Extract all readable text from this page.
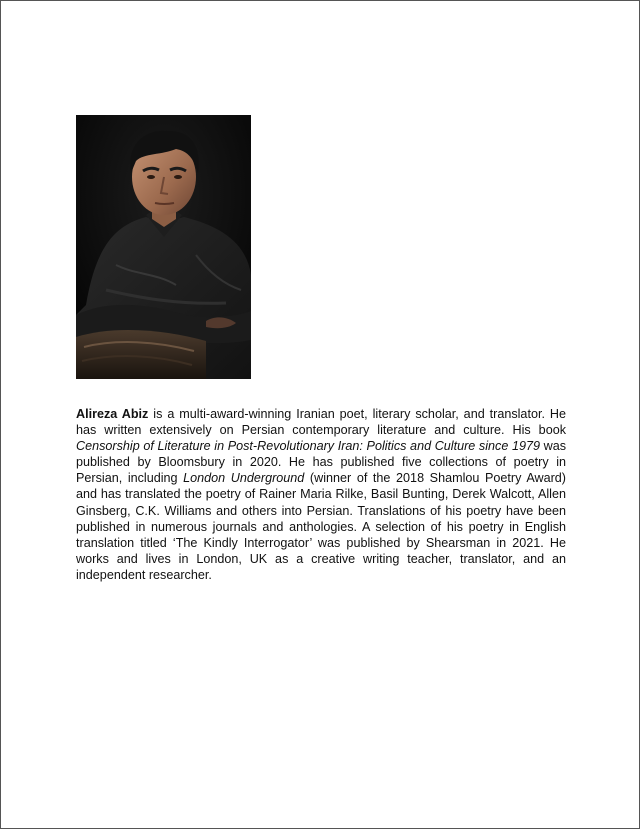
Alireza Abiz is a multi-award-winning Iranian poet, literary scholar, and translator. He has written extensively on Persian contemporary literature and culture. His book Censorship of Literature in Post-Revolutionary Iran: Politics and Culture since 1979 was published by Bloomsbury in 2020. He has published five collections of poetry in Persian, including London Underground (winner of the 2018 Shamlou Poetry Award) and has translated the poetry of Rainer Maria Rilke, Basil Bunting, Derek Walcott, Allen Ginsberg, C.K. Williams and others into Persian. Translations of his poetry have been published in numerous journals and anthologies. A selection of his poetry in English translation titled ‘The Kindly Interrogator’ was published by Shearsman in 2021. He works and lives in London, UK as a creative writing teacher, translator, and an independent researcher.
